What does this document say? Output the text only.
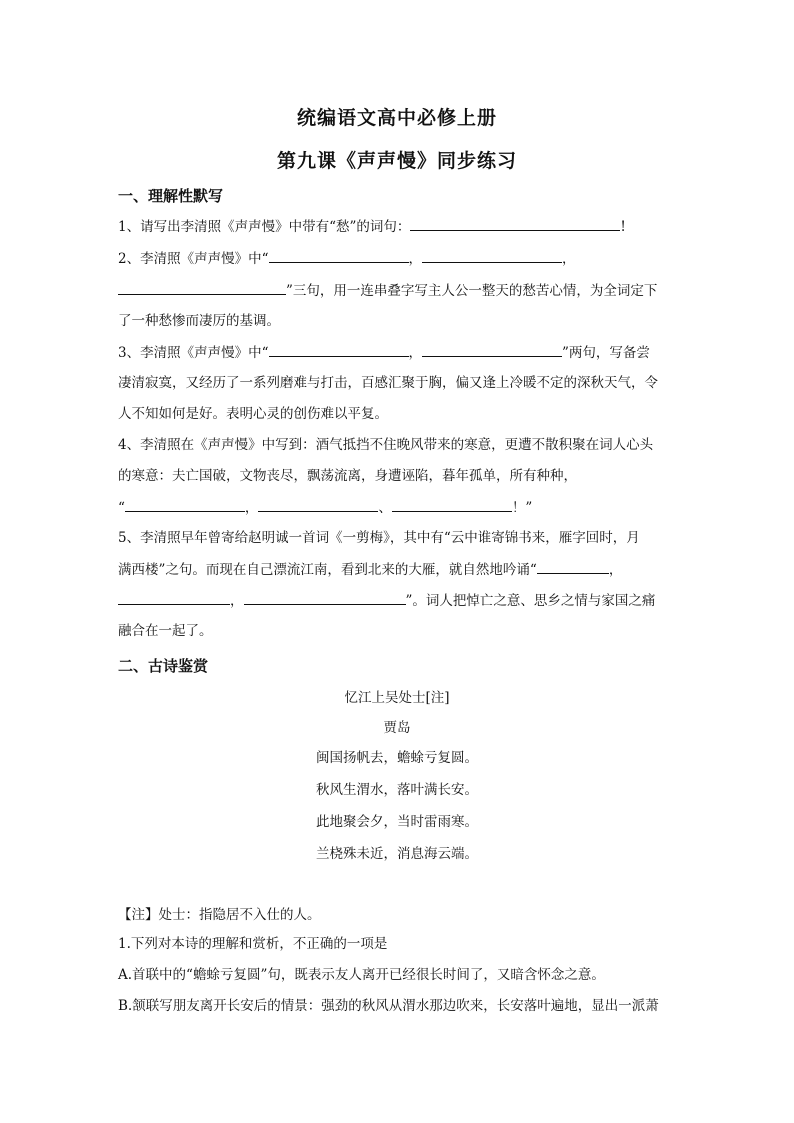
统编语文高中必修上册
第九课《声声慢》同步练习
一、理解性默写
1、请写出李清照《声声慢》中带有“愁”的词句：	!
2、李清照《声声慢》中“	，	，
”三句，用一连串叠字写主人公一整天的愁苦心情，为全词定下
了一种愁惨而凄厉的基调。
3、李清照《声声慢》中“	，	”两句，写备尝
凄清寂寞，又经历了一系列磨难与打击，百感汇聚于胸，偏又逢上冷暖不定的深秋天气，令
人不知如何是好。表明心灵的创伤难以平复。
4、李清照在《声声慢》中写到：酒气抵挡不住晚风带来的寒意，更遭不散积聚在词人心头
的寒意：夫亡国破，文物丧尽，飘荡流离，身遭诬陷，暮年孤单，所有种种，
“	，	、	！”
5、李清照早年曾寄给赵明诚一首词《一剪梅》，其中有“云中谁寄锦书来，雁字回时，月
满西楼”之句。而现在自己漂流江南，看到北来的大雁，就自然地吟诵“	，
，	”。词人把悼亡之意、思乡之情与家国之痛
融合在一起了。
二、古诗鉴赏
忆江上吴处士[注]
贾岛
闽国扬帆去，蟾蜍亏复圆。
秋风生渭水，落叶满长安。
此地聚会夕，当时雷雨寒。
兰桡殊未近，消息海云端。
【注】处士：指隐居不入仕的人。
1.下列对本诗的理解和赏析，不正确的一项是
A.首联中的“蟾蜍亏复圆”句，既表示友人离开已经很长时间了，又暗含怀念之意。
B.颔联写朋友离开长安后的情景：强劲的秋风从渭水那边吹来，长安落叶遍地，显出一派萧
